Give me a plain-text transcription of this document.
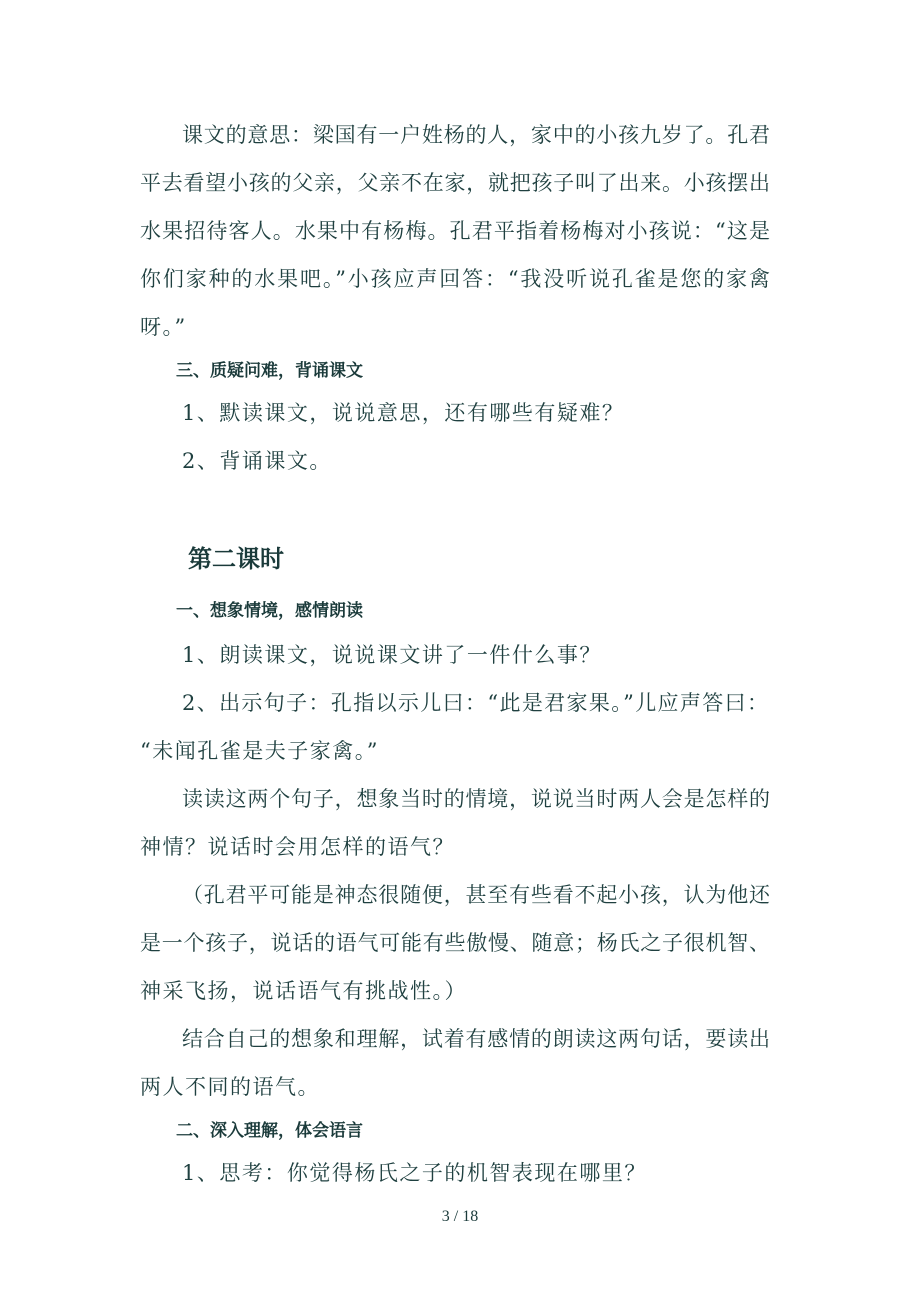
课文的意思：梁国有一户姓杨的人，家中的小孩九岁了。孔君
平去看望小孩的父亲，父亲不在家，就把孩子叫了出来。小孩摆出
水果招待客人。水果中有杨梅。孔君平指着杨梅对小孩说：“这是
你们家种的水果吧。”小孩应声回答：“我没听说孔雀是您的家禽
呀。”
三、质疑问难，背诵课文
1、默读课文，说说意思，还有哪些有疑难？
2、背诵课文。
第二课时
一、想象情境，感情朗读
1、朗读课文，说说课文讲了一件什么事？
2、出示句子：孔指以示儿曰：“此是君家果。”儿应声答曰：
“未闻孔雀是夫子家禽。”
读读这两个句子，想象当时的情境，说说当时两人会是怎样的
神情？说话时会用怎样的语气？
（孔君平可能是神态很随便，甚至有些看不起小孩，认为他还
是一个孩子，说话的语气可能有些傲慢、随意；杨氏之子很机智、
神采飞扬，说话语气有挑战性。）
结合自己的想象和理解，试着有感情的朗读这两句话，要读出
两人不同的语气。
二、深入理解，体会语言
1、思考：你觉得杨氏之子的机智表现在哪里？
3 / 18
